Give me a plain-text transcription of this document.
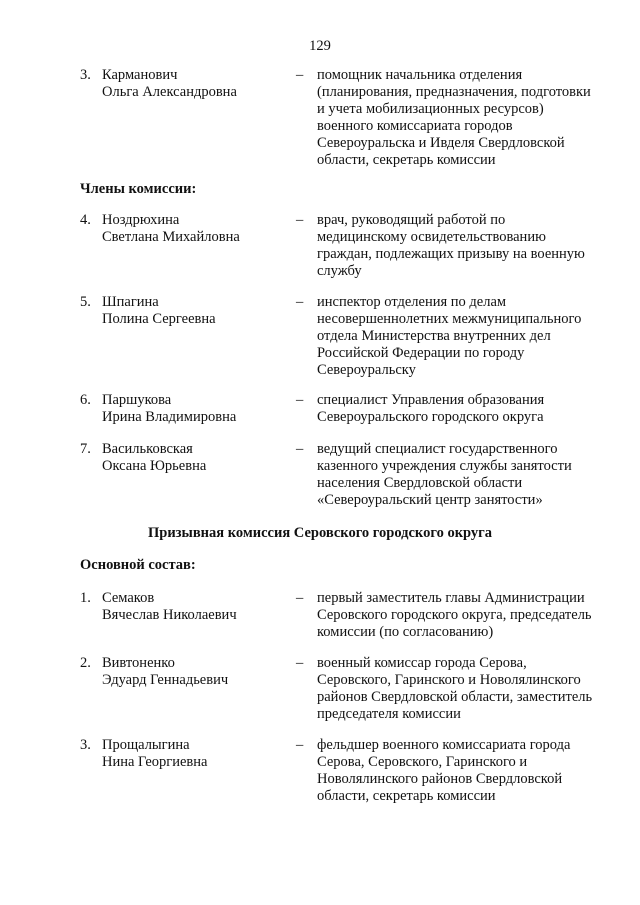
129
3. Карманович
Ольга Александровна
– помощник начальника отделения
(планирования, предназначения, подготовки
и учета мобилизационных ресурсов)
военного комиссариата городов
Североуральска и Ивделя Свердловской
области, секретарь комиссии
Члены комиссии:
4. Ноздрюхина
Светлана Михайловна
– врач, руководящий работой по
медицинскому освидетельствованию
граждан, подлежащих призыву на военную
службу
5. Шпагина
Полина Сергеевна
– инспектор отделения по делам
несовершеннолетних межмуниципального
отдела Министерства внутренних дел
Российской Федерации по городу
Североуральску
6. Паршукова
Ирина Владимировна
– специалист Управления образования
Североуральского городского округа
7. Васильковская
Оксана Юрьевна
– ведущий специалист государственного
казенного учреждения службы занятости
населения Свердловской области
«Североуральский центр занятости»
Призывная комиссия Серовского городского округа
Основной состав:
1. Семаков
Вячеслав Николаевич
– первый заместитель главы Администрации
Серовского городского округа, председатель
комиссии (по согласованию)
2. Вивтоненко
Эдуард Геннадьевич
– военный комиссар города Серова,
Серовского, Гаринского и Новолялинского
районов Свердловской области, заместитель
председателя комиссии
3. Прощалыгина
Нина Георгиевна
– фельдшер военного комиссариата города
Серова, Серовского, Гаринского и
Новолялинского районов Свердловской
области, секретарь комиссии
